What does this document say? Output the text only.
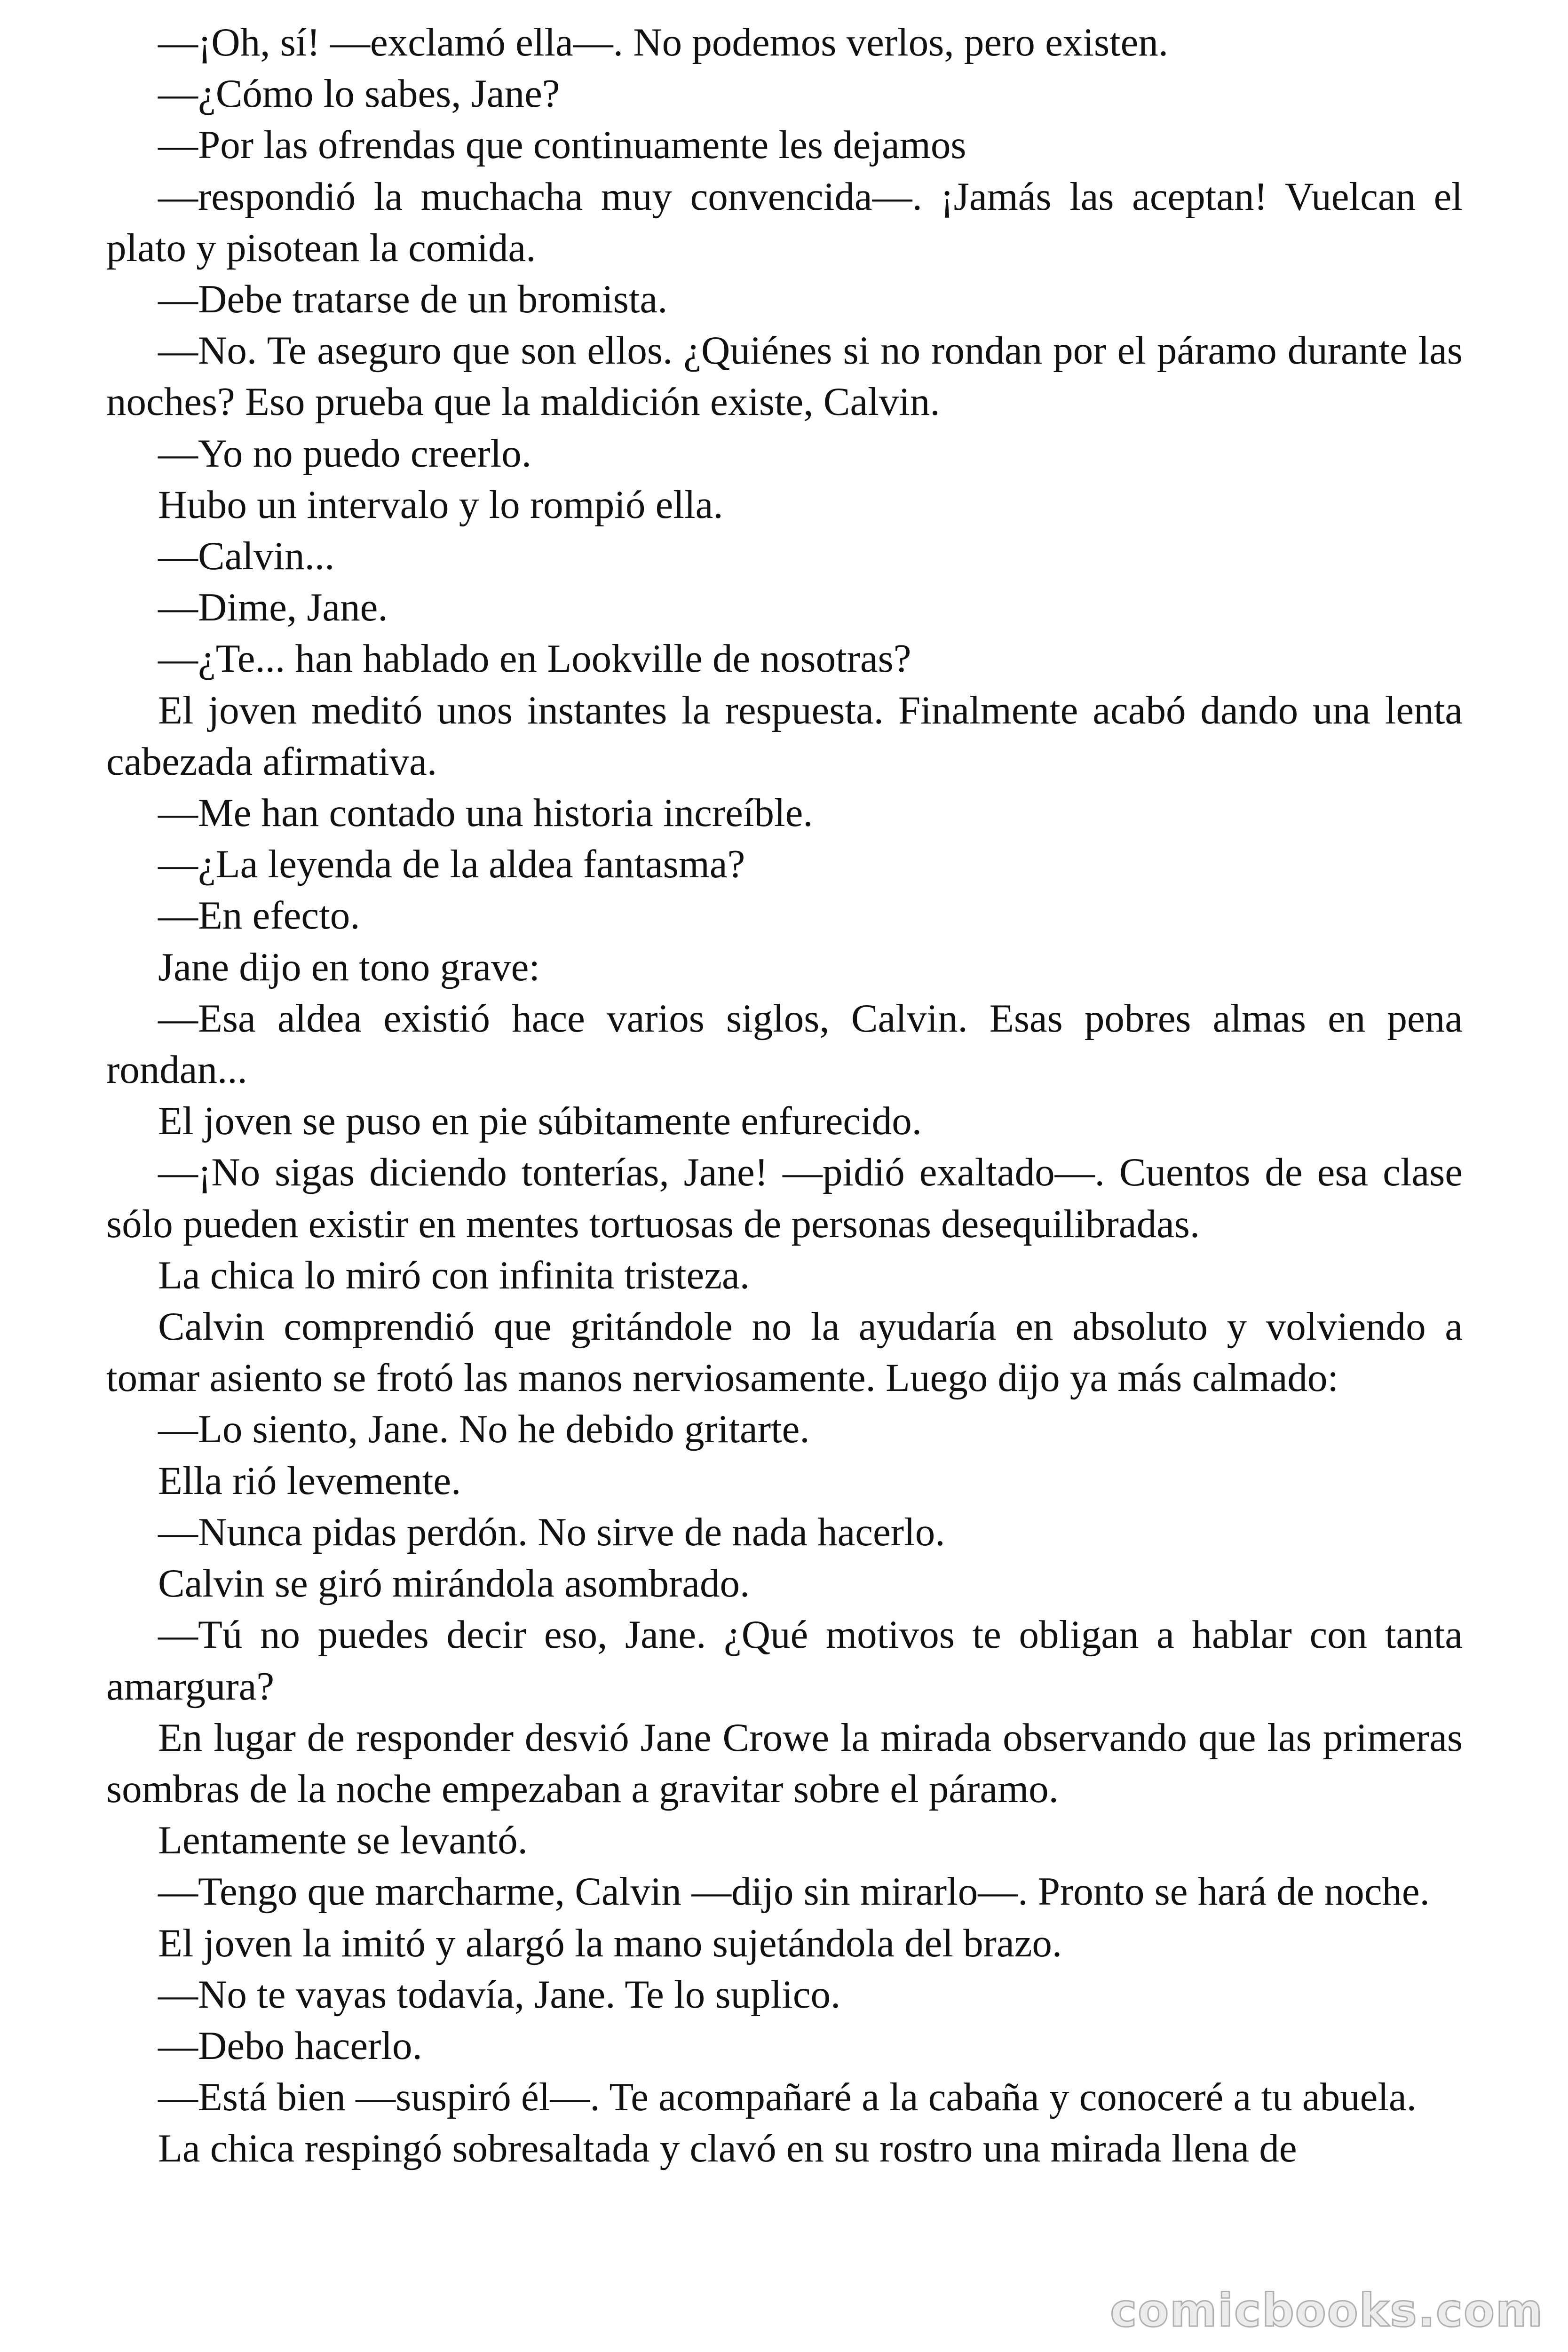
—¡Oh, sí! —exclamó ella—. No podemos verlos, pero existen.

—¿Cómo lo sabes, Jane?

—Por las ofrendas que continuamente les dejamos

—respondió la muchacha muy convencida—. ¡Jamás las aceptan! Vuelcan el plato y pisotean la comida.

—Debe tratarse de un bromista.

—No. Te aseguro que son ellos. ¿Quiénes si no rondan por el páramo durante las noches? Eso prueba que la maldición existe, Calvin.

—Yo no puedo creerlo.

Hubo un intervalo y lo rompió ella.

—Calvin...

—Dime, Jane.

—¿Te... han hablado en Lookville de nosotras?

El joven meditó unos instantes la respuesta. Finalmente acabó dando una lenta cabezada afirmativa.

—Me han contado una historia increíble.

—¿La leyenda de la aldea fantasma?

—En efecto.

Jane dijo en tono grave:

—Esa aldea existió hace varios siglos, Calvin. Esas pobres almas en pena rondan...

El joven se puso en pie súbitamente enfurecido.

—¡No sigas diciendo tonterías, Jane! —pidió exaltado—. Cuentos de esa clase sólo pueden existir en mentes tortuosas de personas desequilibradas.

La chica lo miró con infinita tristeza.

Calvin comprendió que gritándole no la ayudaría en absoluto y volviendo a tomar asiento se frotó las manos nerviosamente. Luego dijo ya más calmado:

—Lo siento, Jane. No he debido gritarte.

Ella rió levemente.

—Nunca pidas perdón. No sirve de nada hacerlo.

Calvin se giró mirándola asombrado.

—Tú no puedes decir eso, Jane. ¿Qué motivos te obligan a hablar con tanta amargura?

En lugar de responder desvió Jane Crowe la mirada observando que las primeras sombras de la noche empezaban a gravitar sobre el páramo.

Lentamente se levantó.

—Tengo que marcharme, Calvin —dijo sin mirarlo—. Pronto se hará de noche.

El joven la imitó y alargó la mano sujetándola del brazo.

—No te vayas todavía, Jane. Te lo suplico.

—Debo hacerlo.

—Está bien —suspiró él—. Te acompañaré a la cabaña y conoceré a tu abuela.

La chica respingó sobresaltada y clavó en su rostro una mirada llena de

comicbooks.com
